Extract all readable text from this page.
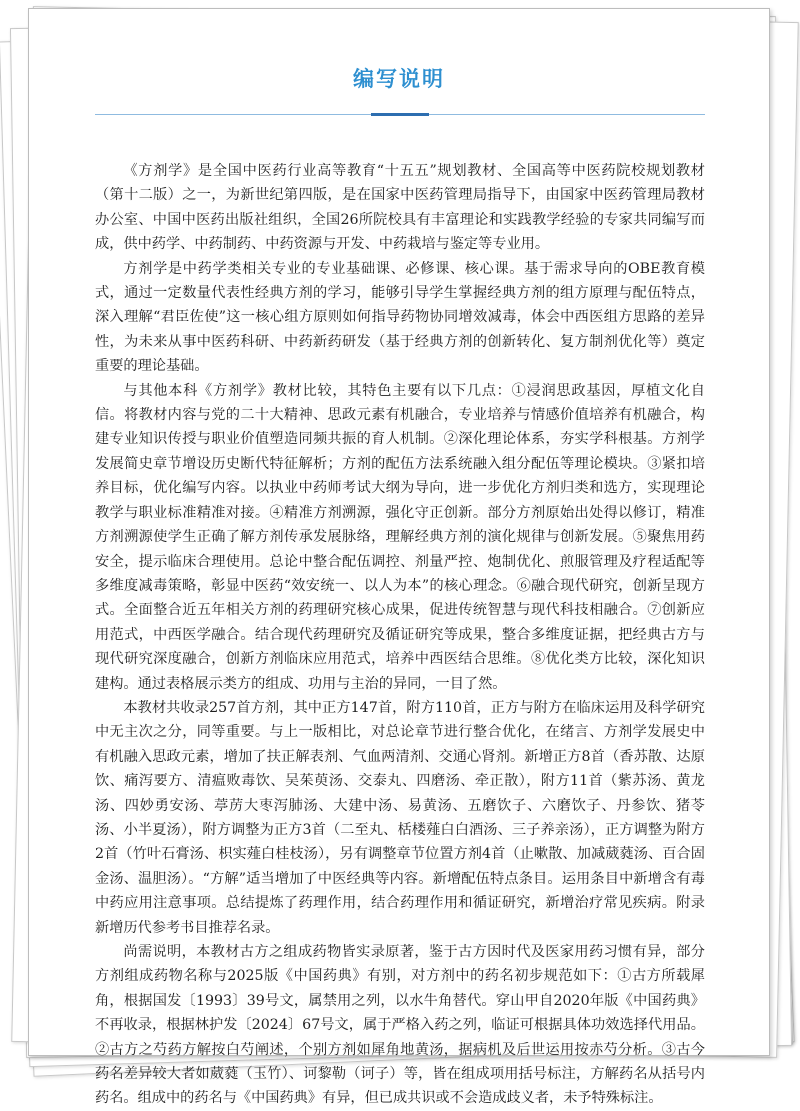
编写说明

《方剂学》是全国中医药行业高等教育“十五五”规划教材、全国高等中医药院校规划教材（第十二版）之一，为新世纪第四版，是在国家中医药管理局指导下，由国家中医药管理局教材办公室、中国中医药出版社组织，全国26所院校具有丰富理论和实践教学经验的专家共同编写而成，供中药学、中药制药、中药资源与开发、中药栽培与鉴定等专业用。

方剂学是中药学类相关专业的专业基础课、必修课、核心课。基于需求导向的OBE教育模式，通过一定数量代表性经典方剂的学习，能够引导学生掌握经典方剂的组方原理与配伍特点，深入理解“君臣佐使”这一核心组方原则如何指导药物协同增效减毒，体会中西医组方思路的差异性，为未来从事中医药科研、中药新药研发（基于经典方剂的创新转化、复方制剂优化等）奠定重要的理论基础。

与其他本科《方剂学》教材比较，其特色主要有以下几点：①浸润思政基因，厚植文化自信。将教材内容与党的二十大精神、思政元素有机融合，专业培养与情感价值培养有机融合，构建专业知识传授与职业价值塑造同频共振的育人机制。②深化理论体系，夯实学科根基。方剂学发展简史章节增设历史断代特征解析；方剂的配伍方法系统融入组分配伍等理论模块。③紧扣培养目标，优化编写内容。以执业中药师考试大纲为导向，进一步优化方剂归类和选方，实现理论教学与职业标准精准对接。④精准方剂溯源，强化守正创新。部分方剂原始出处得以修订，精准方剂溯源使学生正确了解方剂传承发展脉络，理解经典方剂的演化规律与创新发展。⑤聚焦用药安全，提示临床合理使用。总论中整合配伍调控、剂量严控、炮制优化、煎服管理及疗程适配等多维度减毒策略，彰显中医药“效安统一、以人为本”的核心理念。⑥融合现代研究，创新呈现方式。全面整合近五年相关方剂的药理研究核心成果，促进传统智慧与现代科技相融合。⑦创新应用范式，中西医学融合。结合现代药理研究及循证研究等成果，整合多维度证据，把经典古方与现代研究深度融合，创新方剂临床应用范式，培养中西医结合思维。⑧优化类方比较，深化知识建构。通过表格展示类方的组成、功用与主治的异同，一目了然。

本教材共收录257首方剂，其中正方147首，附方110首，正方与附方在临床运用及科学研究中无主次之分，同等重要。与上一版相比，对总论章节进行整合优化，在绪言、方剂学发展史中有机融入思政元素，增加了扶正解表剂、气血两清剂、交通心肾剂。新增正方8首（香苏散、达原饮、痛泻要方、清瘟败毒饮、吴茱萸汤、交泰丸、四磨汤、牵正散），附方11首（紫苏汤、黄龙汤、四妙勇安汤、葶苈大枣泻肺汤、大建中汤、易黄汤、五磨饮子、六磨饮子、丹参饮、猪苓汤、小半夏汤），附方调整为正方3首（二至丸、栝楼薤白白酒汤、三子养亲汤），正方调整为附方2首（竹叶石膏汤、枳实薤白桂枝汤），另有调整章节位置方剂4首（止嗽散、加减葳蕤汤、百合固金汤、温胆汤）。“方解”适当增加了中医经典等内容。新增配伍特点条目。运用条目中新增含有毒中药应用注意事项。总结提炼了药理作用，结合药理作用和循证研究，新增治疗常见疾病。附录新增历代参考书目推荐名录。

尚需说明，本教材古方之组成药物皆实录原著，鉴于古方因时代及医家用药习惯有异，部分方剂组成药物名称与2025版《中国药典》有别，对方剂中的药名初步规范如下：①古方所载犀角，根据国发〔1993〕39号文，属禁用之列，以水牛角替代。穿山甲自2020年版《中国药典》不再收录，根据林护发〔2024〕67号文，属于严格入药之列，临证可根据具体功效选择代用品。②古方之芍药方解按白芍阐述，个别方剂如犀角地黄汤，据病机及后世运用按赤芍分析。③古今药名差异较大者如葳蕤（玉竹）、诃黎勒（诃子）等，皆在组成项用括号标注，方解药名从括号内药名。组成中的药名与《中国药典》有异，但已成共识或不会造成歧义者，未予特殊标注。
